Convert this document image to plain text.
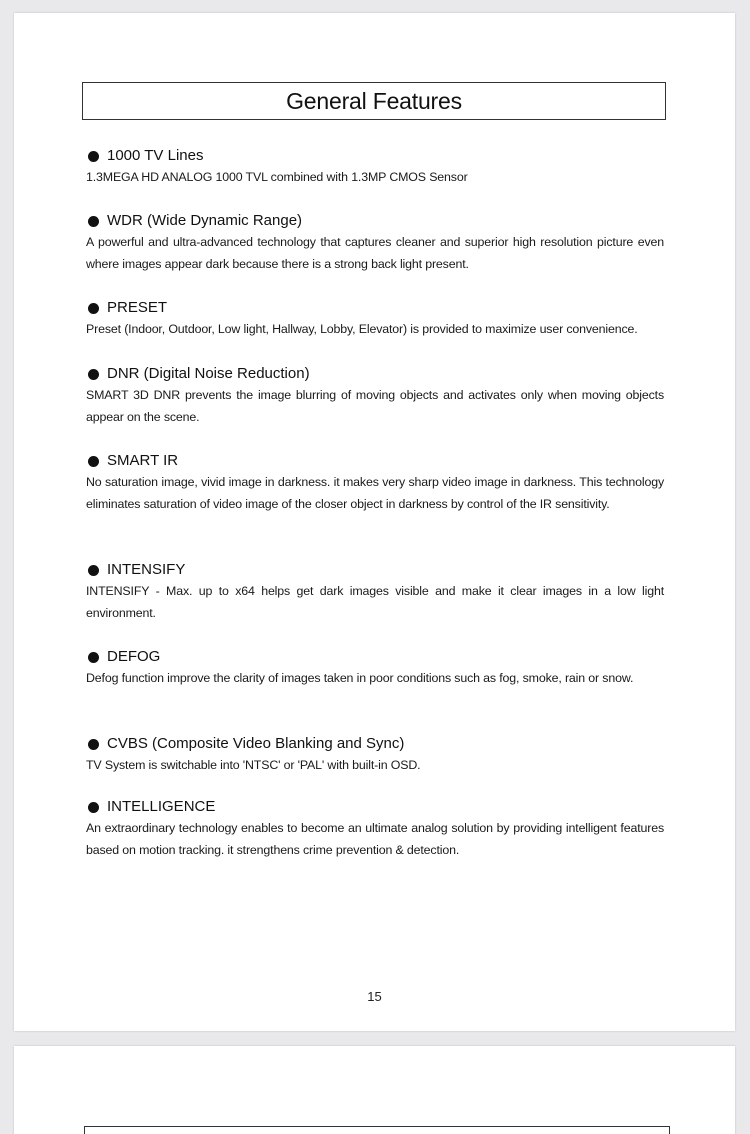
General Features
1000 TV Lines
1.3MEGA HD ANALOG 1000 TVL combined with 1.3MP CMOS Sensor
WDR (Wide Dynamic Range)
A powerful and ultra-advanced technology that captures cleaner and superior high resolution picture even where images appear dark because there is a strong back light present.
PRESET
Preset (Indoor, Outdoor, Low light, Hallway, Lobby, Elevator) is provided to maximize user convenience.
DNR (Digital Noise Reduction)
SMART 3D DNR prevents the image blurring of moving objects and activates only when moving objects appear on the scene.
SMART IR
No saturation image, vivid image in darkness. it makes very sharp video image in darkness. This technology eliminates saturation of video image of the closer object in darkness by control of the IR sensitivity.
INTENSIFY
INTENSIFY - Max. up to x64 helps get dark images visible and make it clear images in a low light environment.
DEFOG
Defog function improve the clarity of images taken in poor conditions such as fog, smoke, rain or snow.
CVBS (Composite Video Blanking and Sync)
TV System is switchable into 'NTSC' or 'PAL' with built-in OSD.
INTELLIGENCE
An extraordinary technology enables to become an ultimate analog solution by providing intelligent features based on motion tracking. it strengthens crime prevention & detection.
15
